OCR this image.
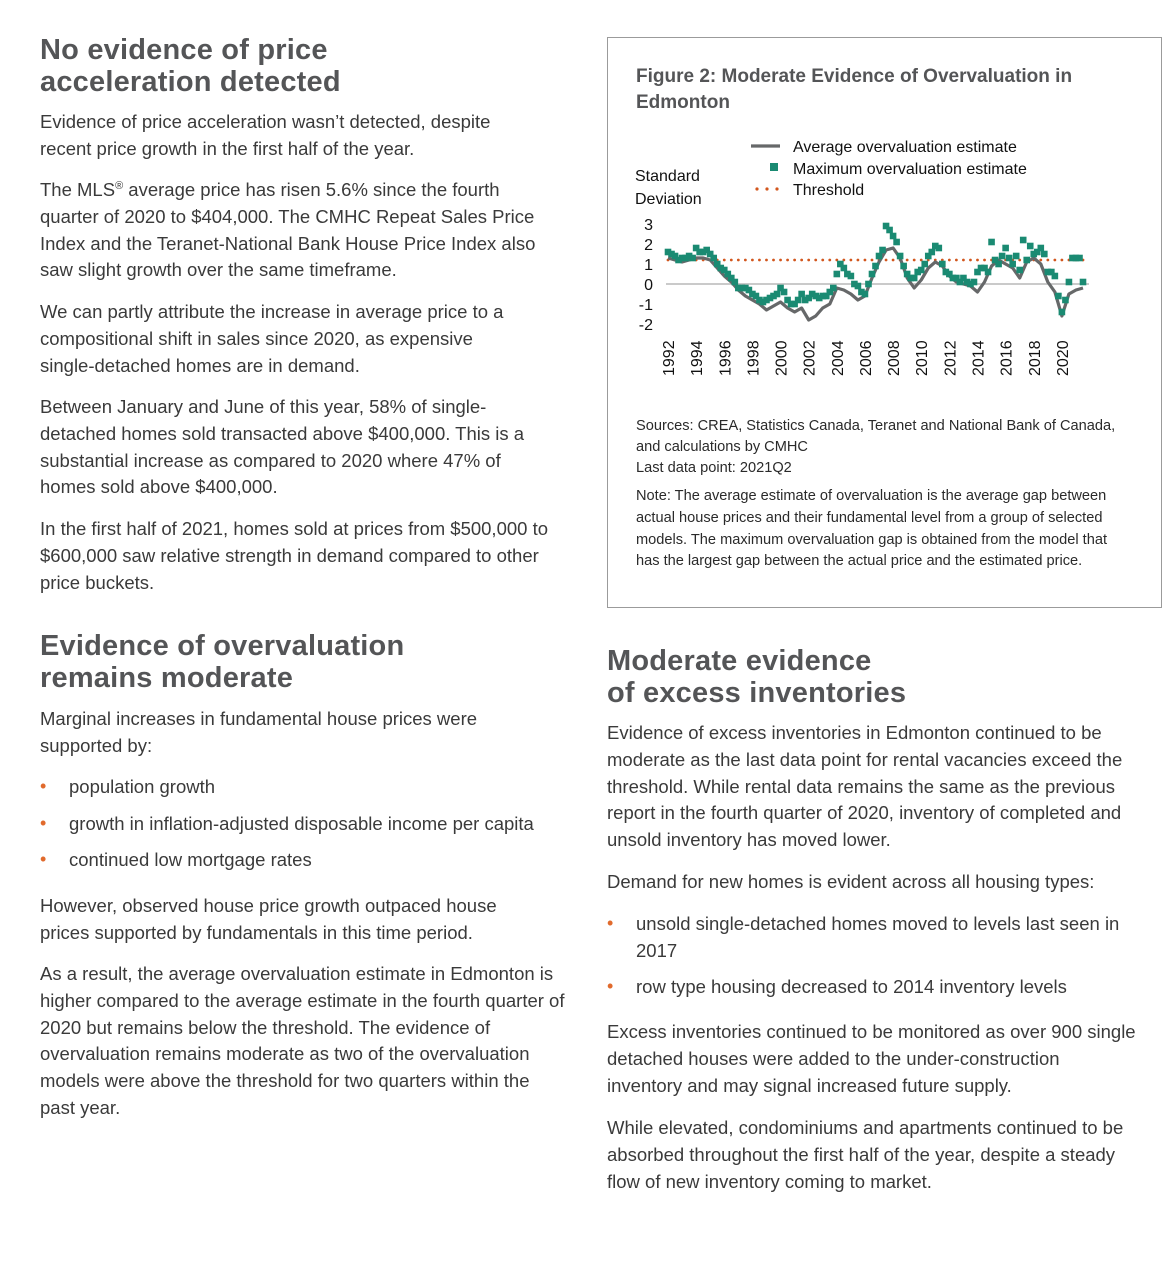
No evidence of price
acceleration detected

Evidence of price acceleration wasn’t detected, despite recent price growth in the first half of the year.

The MLS® average price has risen 5.6% since the fourth quarter of 2020 to $404,000. The CMHC Repeat Sales Price Index and the Teranet-National Bank House Price Index also saw slight growth over the same timeframe.

We can partly attribute the increase in average price to a compositional shift in sales since 2020, as expensive single-detached homes are in demand.

Between January and June of this year, 58% of single-detached homes sold transacted above $400,000. This is a substantial increase as compared to 2020 where 47% of homes sold above $400,000.

In the first half of 2021, homes sold at prices from $500,000 to $600,000 saw relative strength in demand compared to other price buckets.

Evidence of overvaluation
remains moderate

Marginal increases in fundamental house prices were supported by:

• population growth
• growth in inflation-adjusted disposable income per capita
• continued low mortgage rates

However, observed house price growth outpaced house prices supported by fundamentals in this time period.

As a result, the average overvaluation estimate in Edmonton is higher compared to the average estimate in the fourth quarter of 2020 but remains below the threshold. The evidence of overvaluation remains moderate as two of the overvaluation models were above the threshold for two quarters within the past year.

Figure 2: Moderate Evidence of Overvaluation in Edmonton
Standard
Deviation
3
2
1
0
-1
-2
1992 1994 1996 1998 2000 2002 2004 2006 2008 2010 2012 2014 2016 2018 2020
Average overvaluation estimate
Maximum overvaluation estimate
Threshold
Sources: CREA, Statistics Canada, Teranet and National Bank of Canada, and calculations by CMHC
Last data point: 2021Q2
Note: The average estimate of overvaluation is the average gap between actual house prices and their fundamental level from a group of selected models. The maximum overvaluation gap is obtained from the model that has the largest gap between the actual price and the estimated price.
Moderate evidence
of excess inventories

Evidence of excess inventories in Edmonton continued to be moderate as the last data point for rental vacancies exceed the threshold. While rental data remains the same as the previous report in the fourth quarter of 2020, inventory of completed and unsold inventory has moved lower.

Demand for new homes is evident across all housing types:

• unsold single-detached homes moved to levels last seen in 2017
• row type housing decreased to 2014 inventory levels

Excess inventories continued to be monitored as over 900 single detached houses were added to the under-construction inventory and may signal increased future supply.

While elevated, condominiums and apartments continued to be absorbed throughout the first half of the year, despite a steady flow of new inventory coming to market.
